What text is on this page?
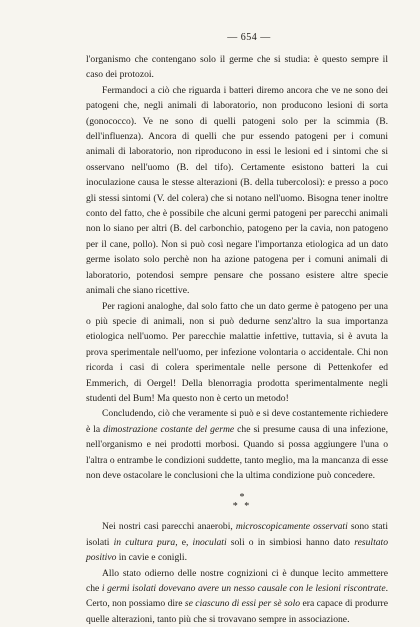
— 654 —

l'organismo che contengano solo il germe che si studia: è questo sempre il caso dei protozoi.

Fermandoci a ciò che riguarda i batteri diremo ancora che ve ne sono dei patogeni che, negli animali di laboratorio, non producono lesioni di sorta (gonococco). Ve ne sono di quelli patogeni solo per la scimmia (B. dell'influenza). Ancora di quelli che pur essendo patogeni per i comuni animali di laboratorio, non riproducono in essi le lesioni ed i sintomi che si osservano nell'uomo (B. del tifo). Certamente esistono batteri la cui inoculazione causa le stesse alterazioni (B. della tubercolosi): e presso a poco gli stessi sintomi (V. del colera) che si notano nell'uomo. Bisogna tener inoltre conto del fatto, che è possibile che alcuni germi patogeni per parecchi animali non lo siano per altri (B. del carbonchio, patogeno per la cavia, non patogeno per il cane, pollo). Non si può così negare l'importanza etiologica ad un dato germe isolato solo perchè non ha azione patogena per i comuni animali di laboratorio, potendosi sempre pensare che possano esistere altre specie animali che siano ricettive.

Per ragioni analoghe, dal solo fatto che un dato germe è patogeno per una o più specie di animali, non si può dedurne senz'altro la sua importanza etiologica nell'uomo. Per parecchie malattie infettive, tuttavia, si è avuta la prova sperimentale nell'uomo, per infezione volontaria o accidentale. Chi non ricorda i casi di colera sperimentale nelle persone di Pettenkofer ed Emmerich, di Oergel! Della blenorragia prodotta sperimentalmente negli studenti del Bum! Ma questo non è certo un metodo!

Concludendo, ciò che veramente si può e si deve costantemente richiedere è la dimostrazione costante del germe che si presume causa di una infezione, nell'organismo e nei prodotti morbosi. Quando si possa aggiungere l'una o l'altra o entrambe le condizioni suddette, tanto meglio, ma la mancanza di esse non deve ostacolare le conclusioni che la ultima condizione può concedere.

*
* *

Nei nostri casi parecchi anaerobi, microscopicamente osservati sono stati isolati in cultura pura, e, inoculati soli o in simbiosi hanno dato resultato positivo in cavie e conigli.

Allo stato odierno delle nostre cognizioni ci è dunque lecito ammettere che i germi isolati dovevano avere un nesso causale con le lesioni riscontrate. Certo, non possiamo dire se ciascuno di essi per sè solo era capace di produrre quelle alterazioni, tanto più che si trovavano sempre in associazione.
